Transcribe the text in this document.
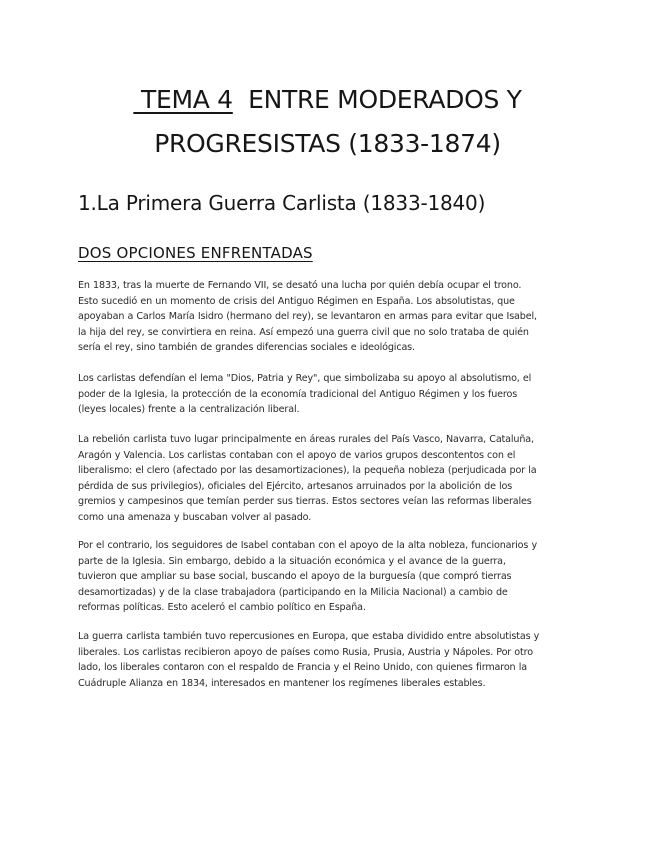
TEMA 4  ENTRE MODERADOS Y
PROGRESISTAS (1833-1874)
1.La Primera Guerra Carlista (1833-1840)
DOS OPCIONES ENFRENTADAS

En 1833, tras la muerte de Fernando VII, se desató una lucha por quién debía ocupar el trono.
Esto sucedió en un momento de crisis del Antiguo Régimen en España. Los absolutistas, que
apoyaban a Carlos María Isidro (hermano del rey), se levantaron en armas para evitar que Isabel,
la hija del rey, se convirtiera en reina. Así empezó una guerra civil que no solo trataba de quién
sería el rey, sino también de grandes diferencias sociales e ideológicas.

Los carlistas defendían el lema "Dios, Patria y Rey", que simbolizaba su apoyo al absolutismo, el
poder de la Iglesia, la protección de la economía tradicional del Antiguo Régimen y los fueros
(leyes locales) frente a la centralización liberal.

La rebelión carlista tuvo lugar principalmente en áreas rurales del País Vasco, Navarra, Cataluña,
Aragón y Valencia. Los carlistas contaban con el apoyo de varios grupos descontentos con el
liberalismo: el clero (afectado por las desamortizaciones), la pequeña nobleza (perjudicada por la
pérdida de sus privilegios), oficiales del Ejército, artesanos arruinados por la abolición de los
gremios y campesinos que temían perder sus tierras. Estos sectores veían las reformas liberales
como una amenaza y buscaban volver al pasado.

Por el contrario, los seguidores de Isabel contaban con el apoyo de la alta nobleza, funcionarios y
parte de la Iglesia. Sin embargo, debido a la situación económica y el avance de la guerra,
tuvieron que ampliar su base social, buscando el apoyo de la burguesía (que compró tierras
desamortizadas) y de la clase trabajadora (participando en la Milicia Nacional) a cambio de
reformas políticas. Esto aceleró el cambio político en España.

La guerra carlista también tuvo repercusiones en Europa, que estaba dividido entre absolutistas y
liberales. Los carlistas recibieron apoyo de países como Rusia, Prusia, Austria y Nápoles. Por otro
lado, los liberales contaron con el respaldo de Francia y el Reino Unido, con quienes firmaron la
Cuádruple Alianza en 1834, interesados en mantener los regímenes liberales estables.
